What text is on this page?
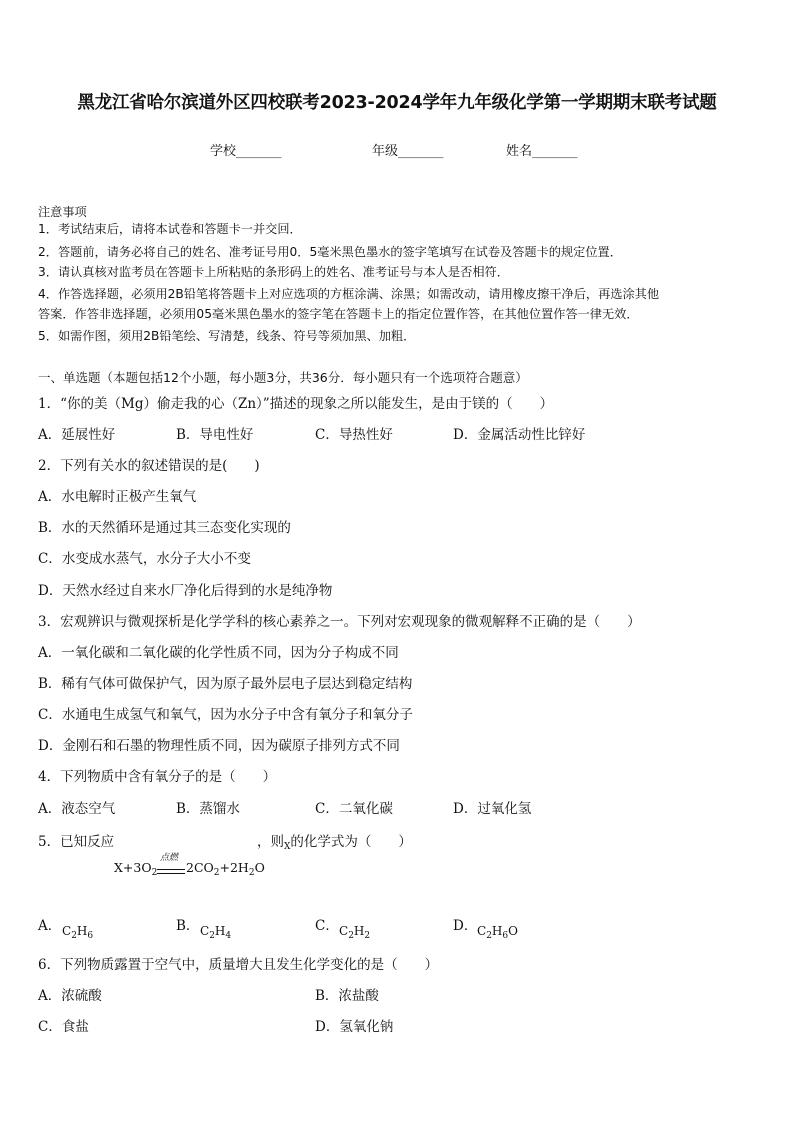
黑龙江省哈尔滨道外区四校联考2023-2024学年九年级化学第一学期期末联考试题
学校_______	年级_______	姓名_______
注意事项
1．考试结束后，请将本试卷和答题卡一并交回．
2．答题前，请务必将自己的姓名、准考证号用0．5毫米黑色墨水的签字笔填写在试卷及答题卡的规定位置．
3．请认真核对监考员在答题卡上所粘贴的条形码上的姓名、准考证号与本人是否相符．
4．作答选择题，必须用2B铅笔将答题卡上对应选项的方框涂满、涂黑；如需改动，请用橡皮擦干净后，再选涂其他
答案．作答非选择题，必须用05毫米黑色墨水的签字笔在答题卡上的指定位置作答，在其他位置作答一律无效．
5．如需作图，须用2B铅笔绘、写清楚，线条、符号等须加黑、加粗．
一、单选题（本题包括12个小题，每小题3分，共36分．每小题只有一个选项符合题意）
1．“你的美（Mg）偷走我的心（Zn）”描述的现象之所以能发生，是由于镁的（　　）
A．延展性好	B．导电性好	C．导热性好	D．金属活动性比锌好
2．下列有关水的叙述错误的是(　　)
A．水电解时正极产生氧气
B．水的天然循环是通过其三态变化实现的
C．水变成水蒸气，水分子大小不变
D．天然水经过自来水厂净化后得到的水是纯净物
3．宏观辨识与微观探析是化学学科的核心素养之一。下列对宏观现象的微观解释不正确的是（　　）
A．一氧化碳和二氧化碳的化学性质不同，因为分子构成不同
B．稀有气体可做保护气，因为原子最外层电子层达到稳定结构
C．水通电生成氢气和氧气，因为水分子中含有氧分子和氧分子
D．金刚石和石墨的物理性质不同，因为碳原子排列方式不同
4．下列物质中含有氧分子的是（　　）
A．液态空气	B．蒸馏水	C．二氧化碳	D．过氧化氢
5．已知反应	，则$_X$的化学式为（　　）
$X+3O_2$
点燃
$2CO_2+2H_2O$
A． $C_2H_6$
B． $C_2H_4$
C． $C_2H_2$
D． $C_2H_6O$
6．下列物质露置于空气中，质量增大且发生化学变化的是（　　）
A．浓硫酸	B．浓盐酸
C．食盐	D．氢氧化钠
